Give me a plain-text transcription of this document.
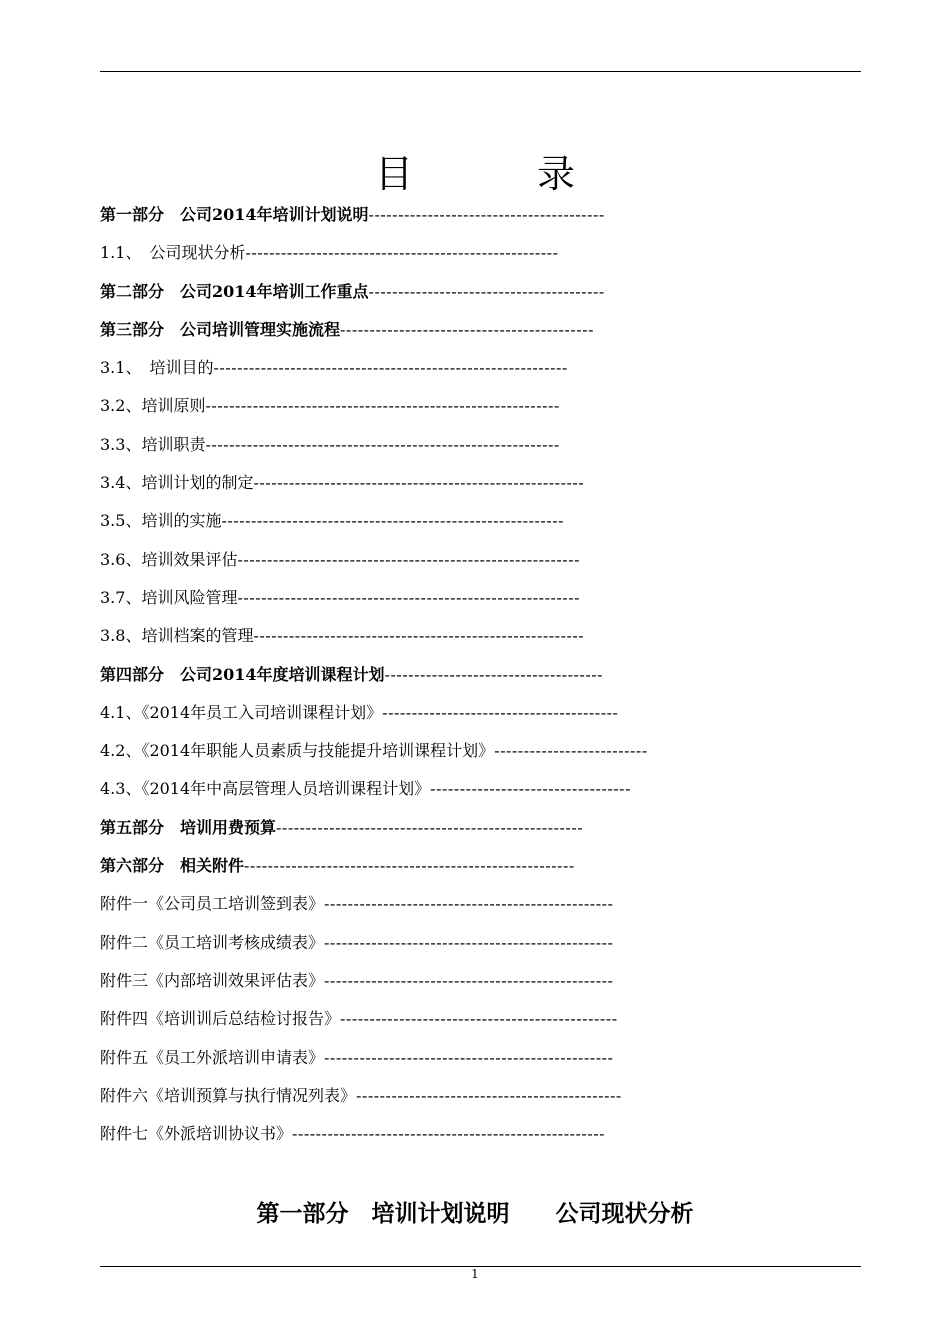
目 录
第一部分　公司2014年培训计划说明----------------------------------------
1.1、　公司现状分析-----------------------------------------------------
第二部分　公司2014年培训工作重点----------------------------------------
第三部分　公司培训管理实施流程-------------------------------------------
3.1、　培训目的------------------------------------------------------------
3.2、培训原则------------------------------------------------------------
3.3、培训职责------------------------------------------------------------
3.4、培训计划的制定--------------------------------------------------------
3.5、培训的实施----------------------------------------------------------
3.6、培训效果评估----------------------------------------------------------
3.7、培训风险管理----------------------------------------------------------
3.8、培训档案的管理--------------------------------------------------------
第四部分　公司2014年度培训课程计划-------------------------------------
4.1、《2014年员工入司培训课程计划》----------------------------------------
4.2、《2014年职能人员素质与技能提升培训课程计划》--------------------------
4.3、《2014年中高层管理人员培训课程计划》----------------------------------
第五部分　培训用费预算----------------------------------------------------
第六部分　相关附件--------------------------------------------------------
附件一《公司员工培训签到表》-------------------------------------------------
附件二《员工培训考核成绩表》-------------------------------------------------
附件三《内部培训效果评估表》-------------------------------------------------
附件四《培训训后总结检讨报告》-----------------------------------------------
附件五《员工外派培训申请表》-------------------------------------------------
附件六《培训预算与执行情况列表》---------------------------------------------
附件七《外派培训协议书》-----------------------------------------------------
第一部分　培训计划说明　　公司现状分析
1
